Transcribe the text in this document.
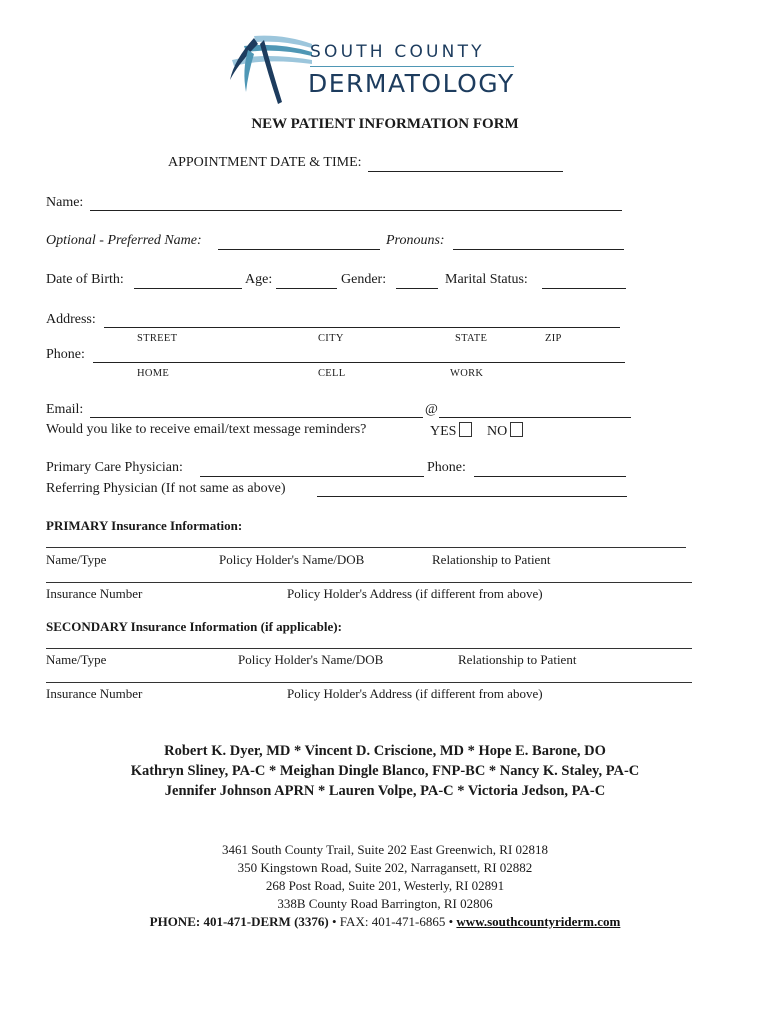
SOUTH COUNTY
DERMATOLOGY
NEW PATIENT INFORMATION FORM
APPOINTMENT DATE & TIME:
Name:
Optional - Preferred Name:	Pronouns:
Date of Birth:	Age:	Gender:	Marital Status:
Address:
STREET	CITY	STATE	ZIP
Phone:
HOME	CELL	WORK
Email:	@
Would you like to receive email/text message reminders?	YES	NO
Primary Care Physician:	Phone:
Referring Physician (If not same as above)
PRIMARY Insurance Information:
Name/Type	Policy Holder's Name/DOB	Relationship to Patient
Insurance Number	Policy Holder's Address (if different from above)
SECONDARY Insurance Information (if applicable):
Name/Type	Policy Holder's Name/DOB	Relationship to Patient
Insurance Number	Policy Holder's Address (if different from above)
Robert K. Dyer, MD * Vincent D. Criscione, MD * Hope E. Barone, DO
Kathryn Sliney, PA-C * Meighan Dingle Blanco, FNP-BC * Nancy K. Staley, PA-C
Jennifer Johnson APRN * Lauren Volpe, PA-C * Victoria Jedson, PA-C
3461 South County Trail, Suite 202 East Greenwich, RI 02818
350 Kingstown Road, Suite 202, Narragansett, RI 02882
268 Post Road, Suite 201, Westerly, RI 02891
338B County Road Barrington, RI 02806
PHONE: 401-471-DERM (3376) • FAX: 401-471-6865 • www.southcountyriderm.com
